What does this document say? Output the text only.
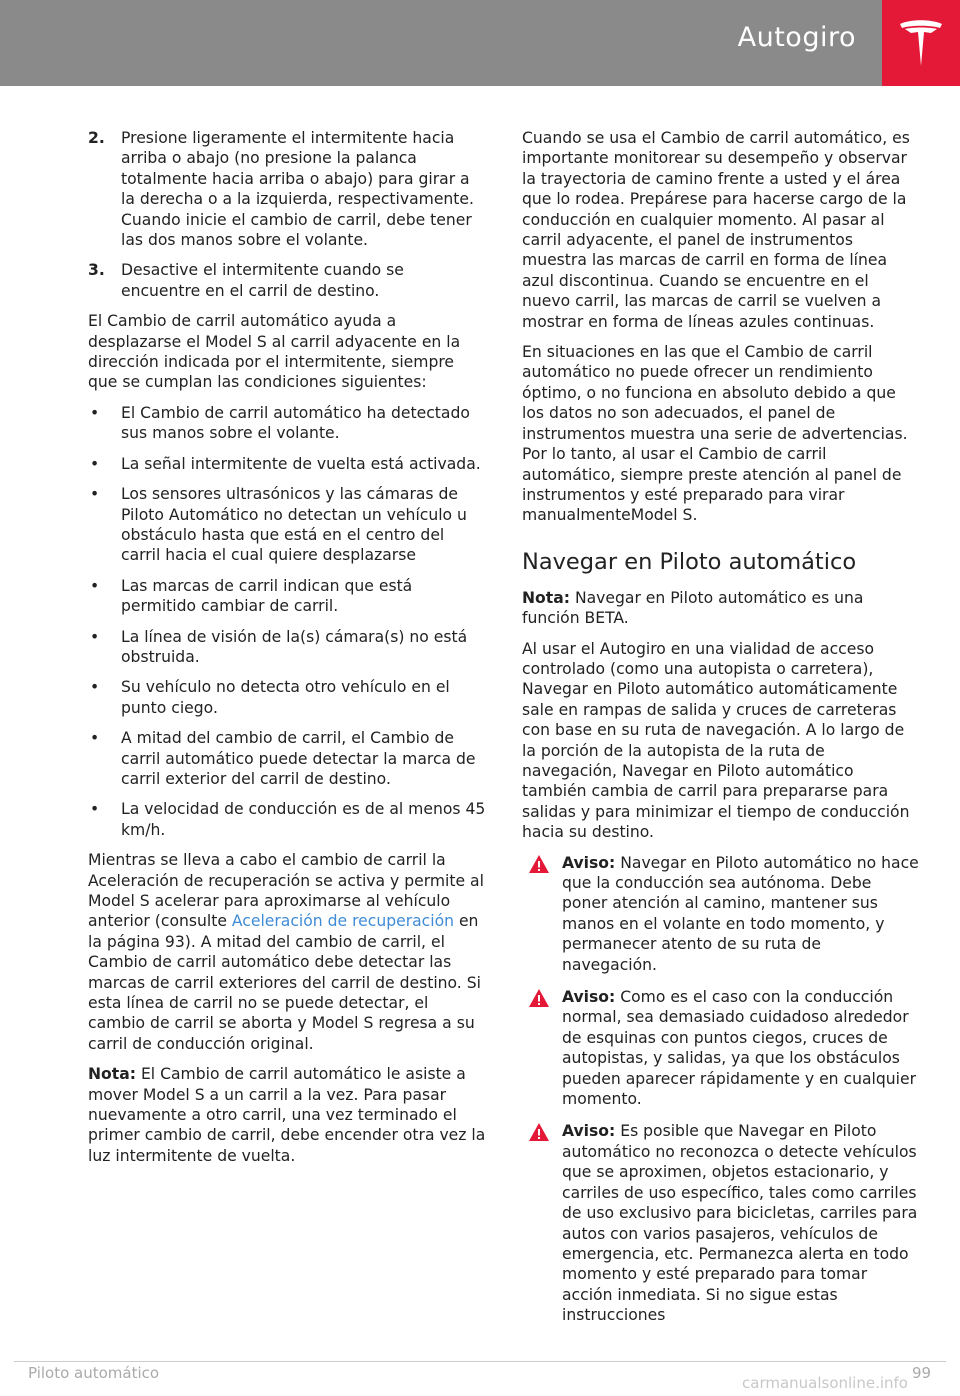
Autogiro
2. Presione ligeramente el intermitente hacia arriba o abajo (no presione la palanca totalmente hacia arriba o abajo) para girar a la derecha o a la izquierda, respectivamente. Cuando inicie el cambio de carril, debe tener las dos manos sobre el volante.
3. Desactive el intermitente cuando se encuentre en el carril de destino.

El Cambio de carril automático ayuda a desplazarse el Model S al carril adyacente en la dirección indicada por el intermitente, siempre que se cumplan las condiciones siguientes:

• El Cambio de carril automático ha detectado sus manos sobre el volante.
• La señal intermitente de vuelta está activada.
• Los sensores ultrasónicos y las cámaras de Piloto Automático no detectan un vehículo u obstáculo hasta que está en el centro del carril hacia el cual quiere desplazarse
• Las marcas de carril indican que está permitido cambiar de carril.
• La línea de visión de la(s) cámara(s) no está obstruida.
• Su vehículo no detecta otro vehículo en el punto ciego.
• A mitad del cambio de carril, el Cambio de carril automático puede detectar la marca de carril exterior del carril de destino.
• La velocidad de conducción es de al menos 45 km/h.

Mientras se lleva a cabo el cambio de carril la Aceleración de recuperación se activa y permite al Model S acelerar para aproximarse al vehículo anterior (consulte Aceleración de recuperación en la página 93). A mitad del cambio de carril, el Cambio de carril automático debe detectar las marcas de carril exteriores del carril de destino. Si esta línea de carril no se puede detectar, el cambio de carril se aborta y Model S regresa a su carril de conducción original.

Nota: El Cambio de carril automático le asiste a mover Model S a un carril a la vez. Para pasar nuevamente a otro carril, una vez terminado el primer cambio de carril, debe encender otra vez la luz intermitente de vuelta.

Cuando se usa el Cambio de carril automático, es importante monitorear su desempeño y observar la trayectoria de camino frente a usted y el área que lo rodea. Prepárese para hacerse cargo de la conducción en cualquier momento. Al pasar al carril adyacente, el panel de instrumentos muestra las marcas de carril en forma de línea azul discontinua. Cuando se encuentre en el nuevo carril, las marcas de carril se vuelven a mostrar en forma de líneas azules continuas.

En situaciones en las que el Cambio de carril automático no puede ofrecer un rendimiento óptimo, o no funciona en absoluto debido a que los datos no son adecuados, el panel de instrumentos muestra una serie de advertencias. Por lo tanto, al usar el Cambio de carril automático, siempre preste atención al panel de instrumentos y esté preparado para virar manualmenteModel S.

Navegar en Piloto automático

Nota: Navegar en Piloto automático es una función BETA.

Al usar el Autogiro en una vialidad de acceso controlado (como una autopista o carretera), Navegar en Piloto automático automáticamente sale en rampas de salida y cruces de carreteras con base en su ruta de navegación. A lo largo de la porción de la autopista de la ruta de navegación, Navegar en Piloto automático también cambia de carril para prepararse para salidas y para minimizar el tiempo de conducción hacia su destino.

Aviso: Navegar en Piloto automático no hace que la conducción sea autónoma. Debe poner atención al camino, mantener sus manos en el volante en todo momento, y permanecer atento de su ruta de navegación.
Aviso: Como es el caso con la conducción normal, sea demasiado cuidadoso alrededor de esquinas con puntos ciegos, cruces de autopistas, y salidas, ya que los obstáculos pueden aparecer rápidamente y en cualquier momento.
Aviso: Es posible que Navegar en Piloto automático no reconozca o detecte vehículos que se aproximen, objetos estacionario, y carriles de uso específico, tales como carriles de uso exclusivo para bicicletas, carriles para autos con varios pasajeros, vehículos de emergencia, etc. Permanezca alerta en todo momento y esté preparado para tomar acción inmediata. Si no sigue estas instrucciones
Piloto automático	99
carmanualsonline.info
